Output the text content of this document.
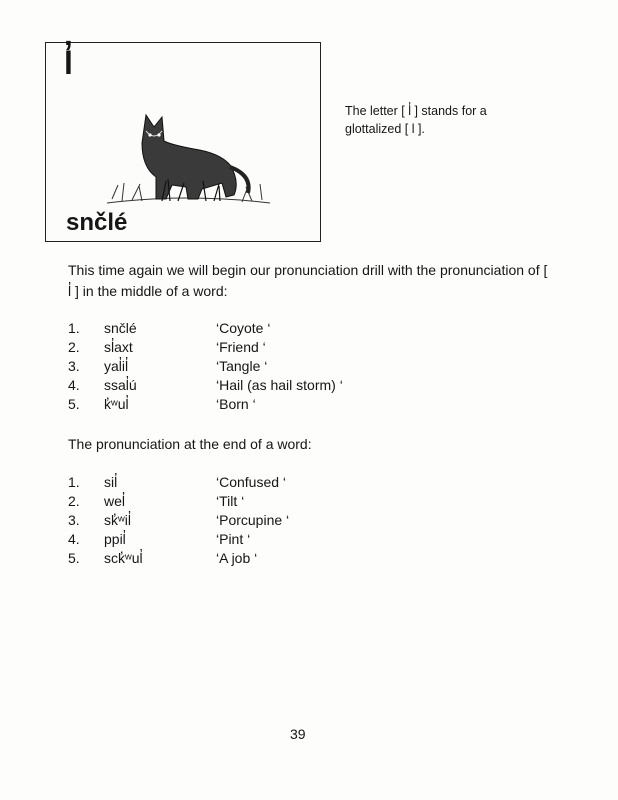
l̓
snčlé
The letter [ l̓ ] stands for a glottalized [ l ].
This time again we will begin our pronunciation drill with the pronunciation of [ l̓ ] in the middle of a word:
1. snčlé	‘Coyote ‘
2. sl̓axt	‘Friend ‘
3. yal̓il̓	‘Tangle ‘
4. ssal̓ú	‘Hail (as hail storm) ‘
5. k̓ʷul̓	‘Born ‘
The pronunciation at the end of a word:
1. sil̓	‘Confused ‘
2. wel̓	‘Tilt ‘
3. sk̓ʷil̓	‘Porcupine ‘
4. ppil̓	‘Pint ‘
5. sck̓ʷul̓	‘A job ‘
39
